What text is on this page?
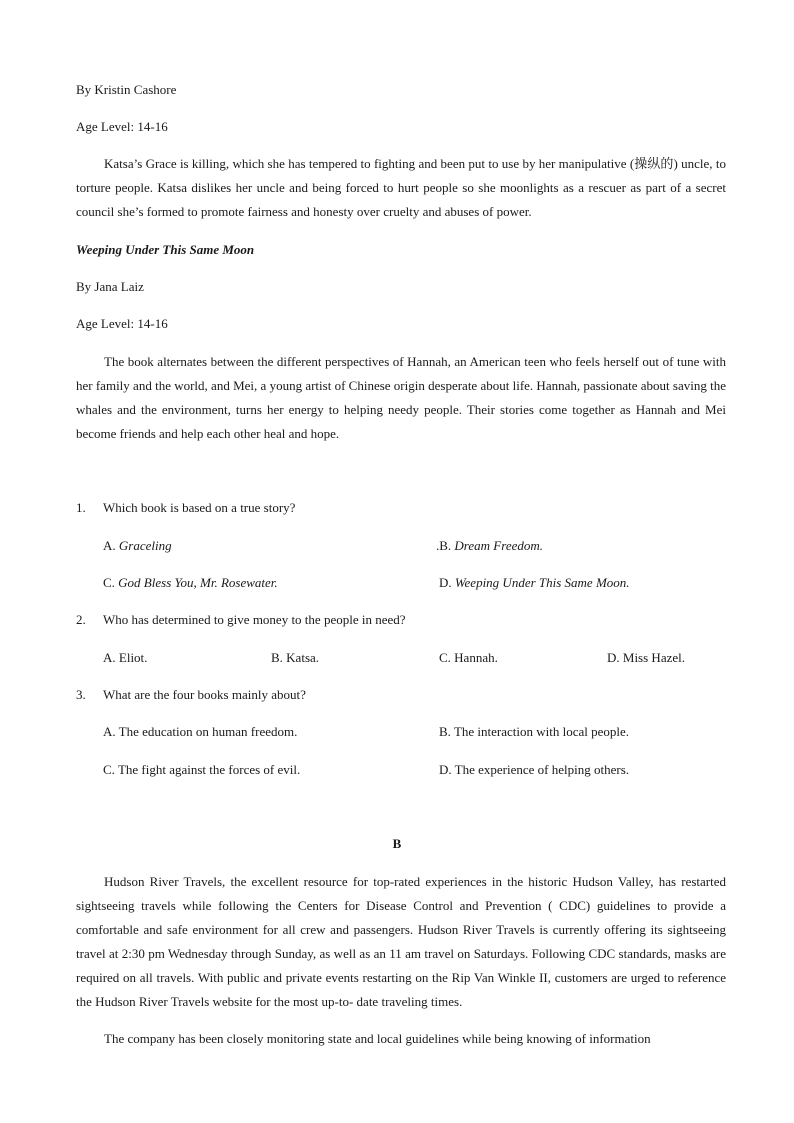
By Kristin Cashore
Age Level: 14-16
Katsa’s Grace is killing, which she has tempered to fighting and been put to use by her manipulative (操纵的) uncle, to torture people. Katsa dislikes her uncle and being forced to hurt people so she moonlights as a rescuer as part of a secret council she’s formed to promote fairness and honesty over cruelty and abuses of power.
Weeping Under This Same Moon
By Jana Laiz
Age Level: 14-16
The book alternates between the different perspectives of Hannah, an American teen who feels herself out of tune with her family and the world, and Mei, a young artist of Chinese origin desperate about life. Hannah, passionate about saving the whales and the environment, turns her energy to helping needy people. Their stories come together as Hannah and Mei become friends and help each other heal and hope.
1. Which book is based on a true story?
A. Graceling	.B. Dream Freedom.
C. God Bless You, Mr. Rosewater.	D. Weeping Under This Same Moon.
2. Who has determined to give money to the people in need?
A. Eliot.	B. Katsa.	C. Hannah.	D. Miss Hazel.
3. What are the four books mainly about?
A. The education on human freedom.	B. The interaction with local people.
C. The fight against the forces of evil.	D. The experience of helping others.
B
Hudson River Travels, the excellent resource for top-rated experiences in the historic Hudson Valley, has restarted sightseeing travels while following the Centers for Disease Control and Prevention ( CDC) guidelines to provide a comfortable and safe environment for all crew and passengers. Hudson River Travels is currently offering its sightseeing travel at 2:30 pm Wednesday through Sunday, as well as an 11 am travel on Saturdays. Following CDC standards, masks are required on all travels. With public and private events restarting on the Rip Van Winkle II, customers are urged to reference the Hudson River Travels website for the most up-to- date traveling times.
The company has been closely monitoring state and local guidelines while being knowing of information
